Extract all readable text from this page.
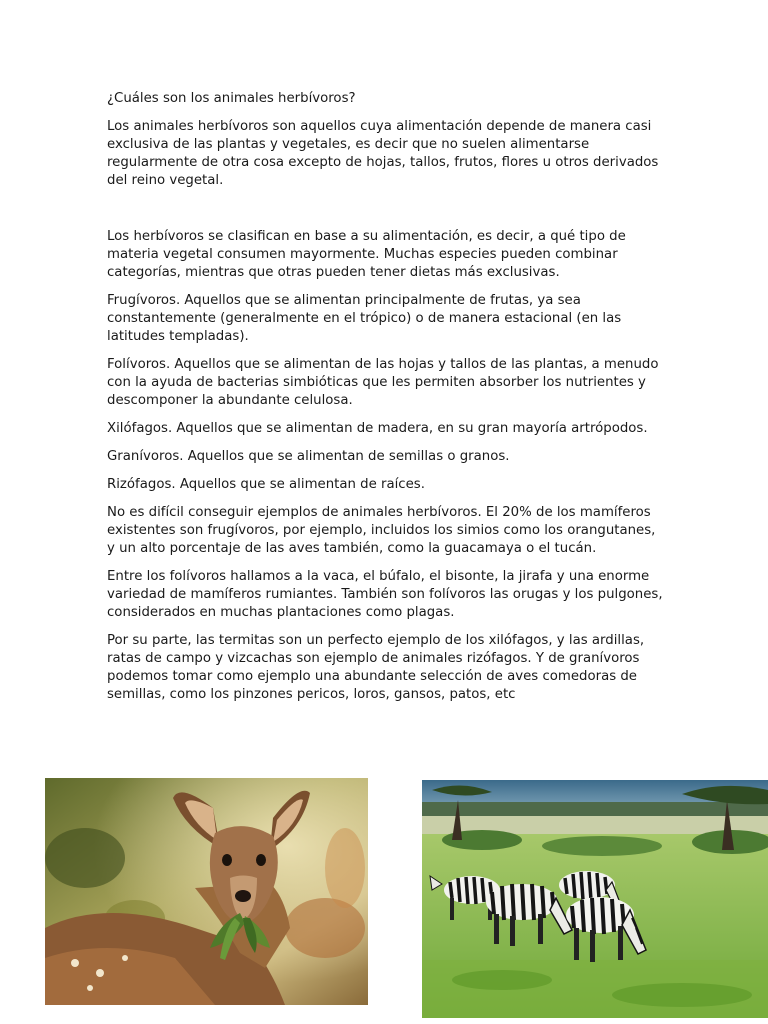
¿Cuáles son los animales herbívoros?

Los animales herbívoros son aquellos cuya alimentación depende de manera casi exclusiva de las plantas y vegetales, es decir que no suelen alimentarse regularmente de otra cosa excepto de hojas, tallos, frutos, flores u otros derivados del reino vegetal.

Los herbívoros se clasifican en base a su alimentación, es decir, a qué tipo de materia vegetal consumen mayormente. Muchas especies pueden combinar categorías, mientras que otras pueden tener dietas más exclusivas.

Frugívoros. Aquellos que se alimentan principalmente de frutas, ya sea constantemente (generalmente en el trópico) o de manera estacional (en las latitudes templadas).

Folívoros. Aquellos que se alimentan de las hojas y tallos de las plantas, a menudo con la ayuda de bacterias simbióticas que les permiten absorber los nutrientes y descomponer la abundante celulosa.

Xilófagos. Aquellos que se alimentan de madera, en su gran mayoría artrópodos.

Granívoros. Aquellos que se alimentan de semillas o granos.

Rizófagos. Aquellos que se alimentan de raíces.

No es difícil conseguir ejemplos de animales herbívoros. El 20% de los mamíferos existentes son frugívoros, por ejemplo, incluidos los simios como los orangutanes, y un alto porcentaje de las aves también, como la guacamaya o el tucán.

Entre los folívoros hallamos a la vaca, el búfalo, el bisonte, la jirafa y una enorme variedad de mamíferos rumiantes. También son folívoros las orugas y los pulgones, considerados en muchas plantaciones como plagas.

Por su parte, las termitas son un perfecto ejemplo de los xilófagos, y las ardillas, ratas de campo y vizcachas son ejemplo de animales rizófagos. Y de granívoros podemos tomar como ejemplo una abundante selección de aves comedoras de semillas, como los pinzones pericos, loros, gansos, patos, etc
